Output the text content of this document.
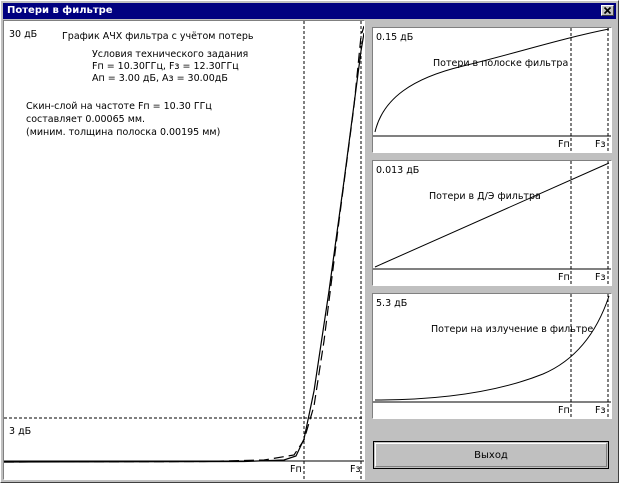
Потери в фильтре
30 дБ	График АЧХ фильтра с учётом потерь
Условия технического задания
Fп = 10.30ГГц, Fз = 12.30ГГц
Aп = 3.00 дБ, Aз = 30.00дБ
Скин-слой на частоте Fп = 10.30 ГГц
составляет 0.00065 мм.
(миним. толщина полоска 0.00195 мм)
3 дБ
Fп	Fз
0.15 дБ
Потери в полоске фильтра
Fп	Fз
0.013 дБ
Потери в Д/Э фильтра
Fп	Fз
5.3 дБ
Потери на излучение в фильтре
Fп	Fз
Выход
